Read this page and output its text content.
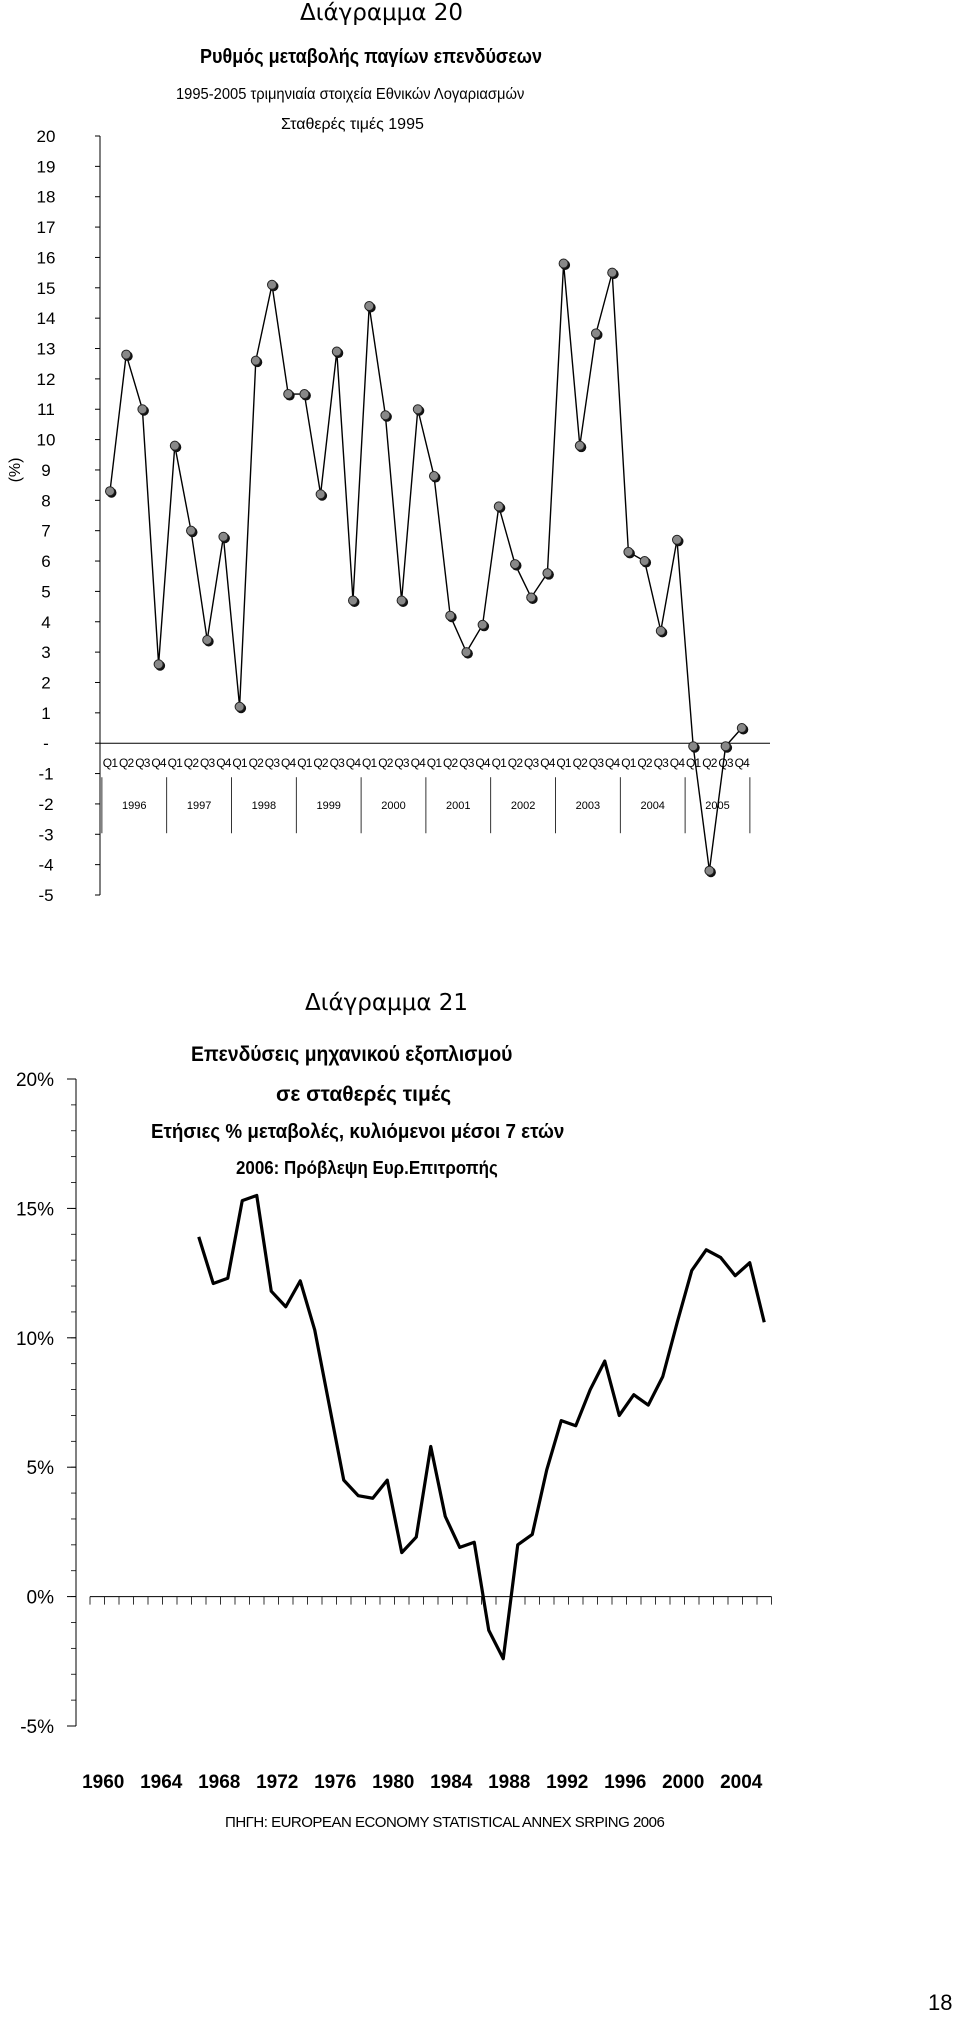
Διάγραμμα 20
Ρυθμός μεταβολής παγίων επενδύσεων
1995-2005 τριμηνιαία στοιχεία Εθνικών Λογαριασμών
Σταθερές τιμές 1995
20
19
18
17
16
15
14
13
12
11
10
9
8
7
6
5
4
3
2
1
-
-1
-2
-3
-4
-5
(%)
Q1 Q2 Q3 Q4 Q1 Q2 Q3 Q4 Q1 Q2 Q3 Q4 Q1 Q2 Q3 Q4 Q1 Q2 Q3 Q4 Q1 Q2 Q3 Q4 Q1 Q2 Q3 Q4 Q1 Q2 Q3 Q4 Q1 Q2 Q3 Q4 Q1 Q2 Q3 Q4
1996	1997	1998	1999	2000	2001	2002	2003	2004	2005
Διάγραμμα 21
Επενδύσεις μηχανικού εξοπλισμού
σε σταθερές τιμές
Ετήσιες % μεταβολές, κυλιόμενοι μέσοι 7 ετών
2006: Πρόβλεψη Ευρ.Επιτροπής
20%
15%
10%
5%
0%
-5%
1960 1964 1968 1972 1976 1980 1984 1988 1992 1996 2000 2004
ΠΗΓΗ: EUROPEAN ECONOMY STATISTICAL ANNEX SRPING 2006
18
